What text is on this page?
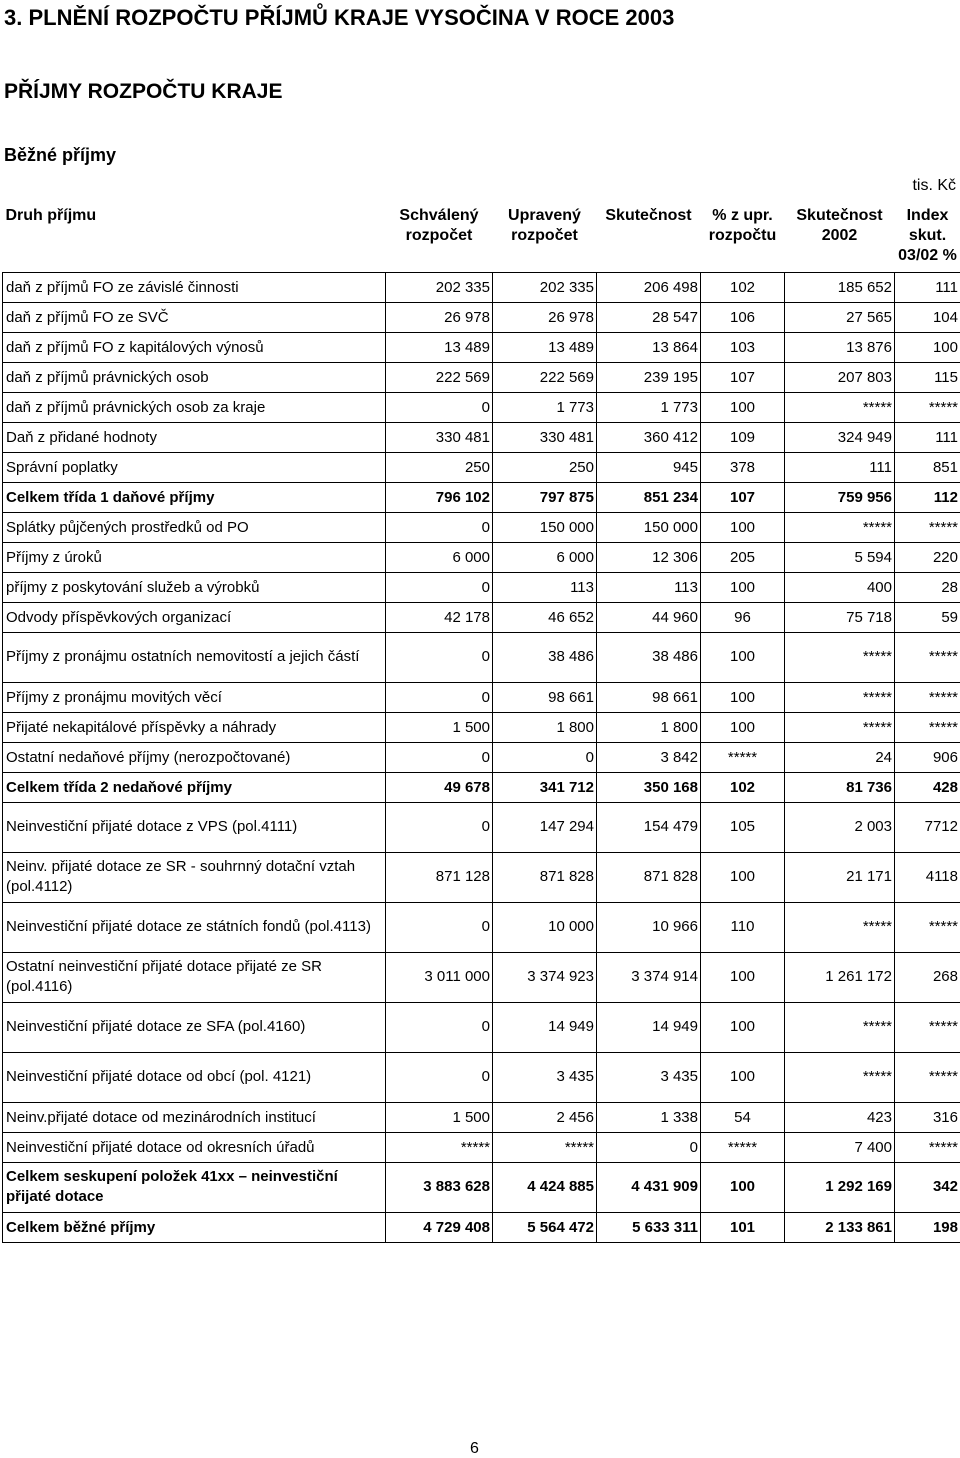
3. PLNĚNÍ ROZPOČTU PŘÍJMŮ KRAJE VYSOČINA V ROCE 2003
PŘÍJMY ROZPOČTU KRAJE
Běžné příjmy
tis. Kč
Druh příjmu	Schválený rozpočet	Upravený rozpočet	Skutečnost	% z upr. rozpočtu	Skutečnost 2002	Index skut. 03/02 %
daň z příjmů FO ze závislé činnosti	202 335	202 335	206 498	102	185 652	111
daň z příjmů FO ze SVČ	26 978	26 978	28 547	106	27 565	104
daň z příjmů FO z kapitálových výnosů	13 489	13 489	13 864	103	13 876	100
daň z příjmů právnických osob	222 569	222 569	239 195	107	207 803	115
daň z příjmů právnických osob za kraje	0	1 773	1 773	100	*****	*****
Daň z přidané hodnoty	330 481	330 481	360 412	109	324 949	111
Správní poplatky	250	250	945	378	111	851
Celkem třída 1 daňové příjmy	796 102	797 875	851 234	107	759 956	112
Splátky půjčených prostředků od PO	0	150 000	150 000	100	*****	*****
Příjmy z úroků	6 000	6 000	12 306	205	5 594	220
příjmy z poskytování služeb a výrobků	0	113	113	100	400	28
Odvody příspěvkových organizací	42 178	46 652	44 960	96	75 718	59
Příjmy z pronájmu ostatních nemovitostí a jejich částí	0	38 486	38 486	100	*****	*****
Příjmy z pronájmu movitých věcí	0	98 661	98 661	100	*****	*****
Přijaté nekapitálové příspěvky a náhrady	1 500	1 800	1 800	100	*****	*****
Ostatní nedaňové příjmy (nerozpočtované)	0	0	3 842	*****	24	906
Celkem třída 2 nedaňové příjmy	49 678	341 712	350 168	102	81 736	428
Neinvestiční přijaté dotace z VPS (pol.4111)	0	147 294	154 479	105	2 003	7712
Neinv. přijaté dotace ze SR - souhrnný dotační vztah (pol.4112)	871 128	871 828	871 828	100	21 171	4118
Neinvestiční přijaté dotace ze státních fondů (pol.4113)	0	10 000	10 966	110	*****	*****
Ostatní neinvestiční přijaté dotace přijaté ze SR (pol.4116)	3 011 000	3 374 923	3 374 914	100	1 261 172	268
Neinvestiční přijaté dotace ze SFA (pol.4160)	0	14 949	14 949	100	*****	*****
Neinvestiční přijaté dotace od obcí (pol. 4121)	0	3 435	3 435	100	*****	*****
Neinv.přijaté dotace od mezinárodních institucí	1 500	2 456	1 338	54	423	316
Neinvestiční přijaté dotace od okresních úřadů	*****	*****	0	*****	7 400	*****
Celkem seskupení položek 41xx – neinvestiční přijaté dotace	3 883 628	4 424 885	4 431 909	100	1 292 169	342
Celkem běžné příjmy	4 729 408	5 564 472	5 633 311	101	2 133 861	198
6
